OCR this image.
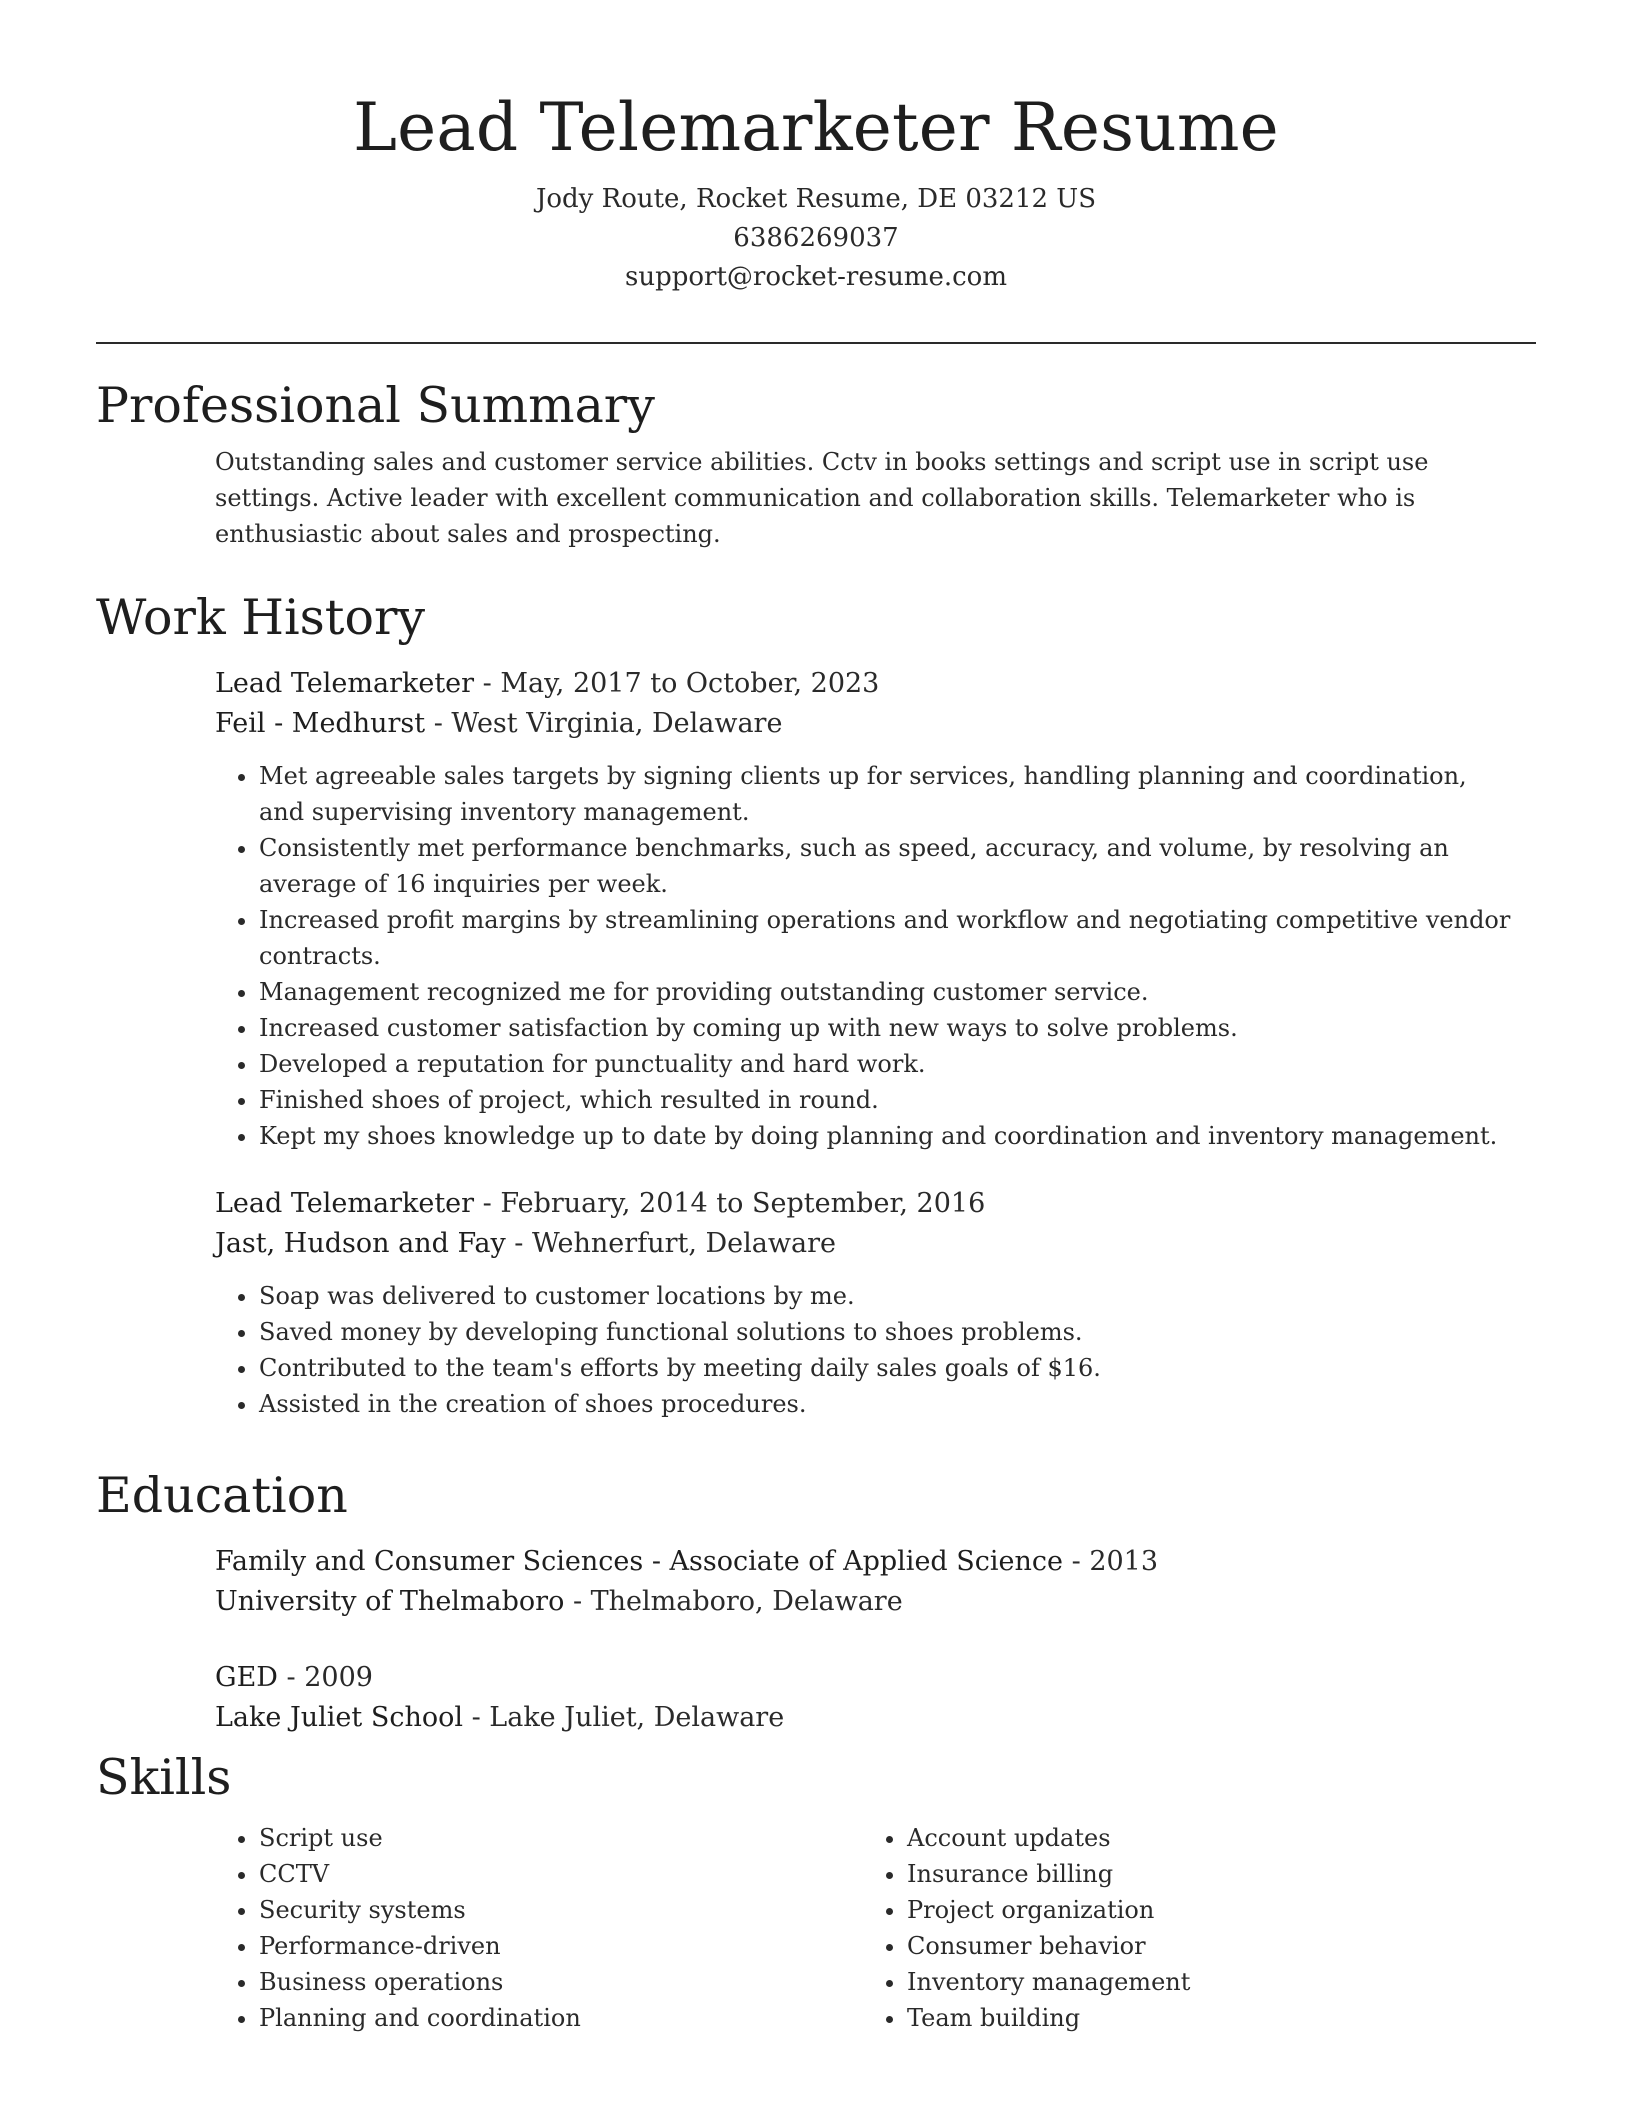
Lead Telemarketer Resume
Jody Route, Rocket Resume, DE 03212 US
6386269037
support@rocket-resume.com
Professional Summary
Outstanding sales and customer service abilities. Cctv in books settings and script use in script use settings. Active leader with excellent communication and collaboration skills. Telemarketer who is enthusiastic about sales and prospecting.
Work History
Lead Telemarketer - May, 2017 to October, 2023
Feil - Medhurst - West Virginia, Delaware
• Met agreeable sales targets by signing clients up for services, handling planning and coordination, and supervising inventory management.
• Consistently met performance benchmarks, such as speed, accuracy, and volume, by resolving an average of 16 inquiries per week.
• Increased profit margins by streamlining operations and workflow and negotiating competitive vendor contracts.
• Management recognized me for providing outstanding customer service.
• Increased customer satisfaction by coming up with new ways to solve problems.
• Developed a reputation for punctuality and hard work.
• Finished shoes of project, which resulted in round.
• Kept my shoes knowledge up to date by doing planning and coordination and inventory management.
Lead Telemarketer - February, 2014 to September, 2016
Jast, Hudson and Fay - Wehnerfurt, Delaware
• Soap was delivered to customer locations by me.
• Saved money by developing functional solutions to shoes problems.
• Contributed to the team's efforts by meeting daily sales goals of $16.
• Assisted in the creation of shoes procedures.
Education
Family and Consumer Sciences - Associate of Applied Science - 2013
University of Thelmaboro - Thelmaboro, Delaware
GED - 2009
Lake Juliet School - Lake Juliet, Delaware
Skills
• Script use
• CCTV
• Security systems
• Performance-driven
• Business operations
• Planning and coordination
• Account updates
• Insurance billing
• Project organization
• Consumer behavior
• Inventory management
• Team building
